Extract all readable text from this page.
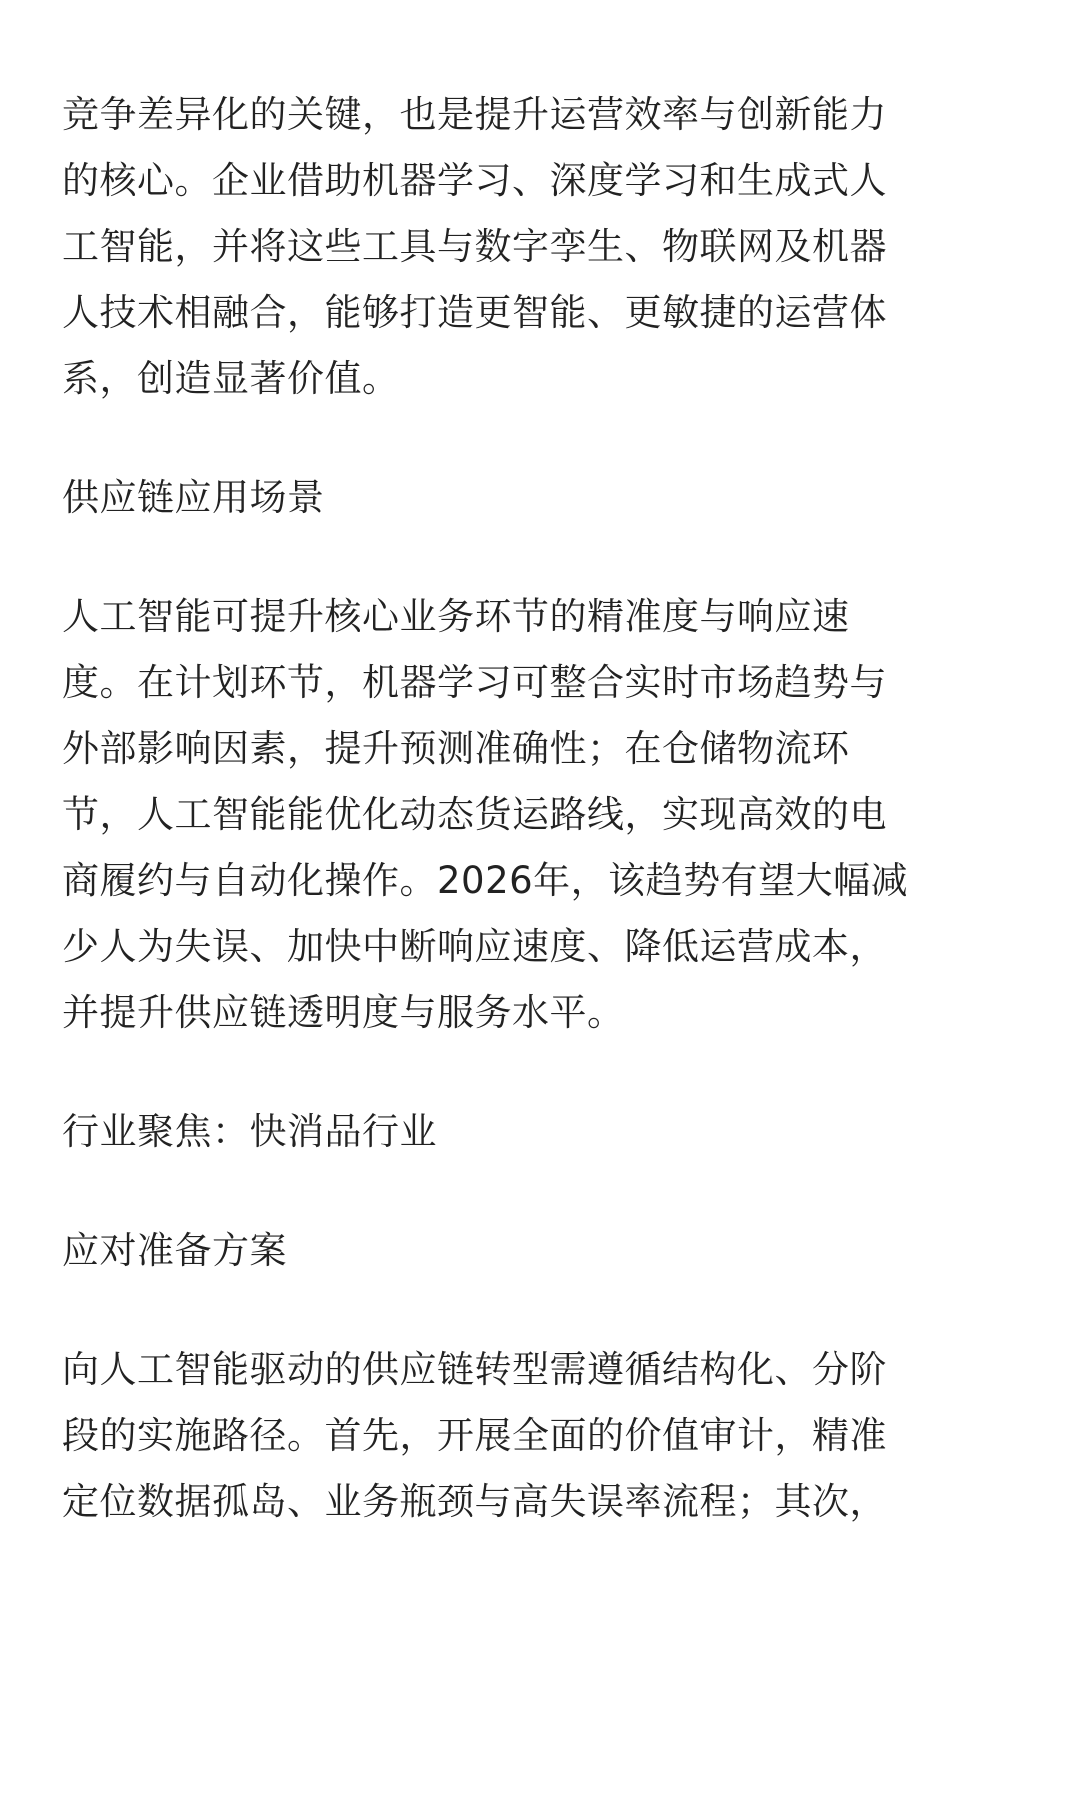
竞争差异化的关键，也是提升运营效率与创新能力
的核心。企业借助机器学习、深度学习和生成式人
工智能，并将这些工具与数字孪生、物联网及机器
人技术相融合，能够打造更智能、更敏捷的运营体
系，创造显著价值。

供应链应用场景

人工智能可提升核心业务环节的精准度与响应速
度。在计划环节，机器学习可整合实时市场趋势与
外部影响因素，提升预测准确性；在仓储物流环
节，人工智能能优化动态货运路线，实现高效的电
商履约与自动化操作。2026年，该趋势有望大幅减
少人为失误、加快中断响应速度、降低运营成本，
并提升供应链透明度与服务水平。

行业聚焦：快消品行业

应对准备方案

向人工智能驱动的供应链转型需遵循结构化、分阶
段的实施路径。首先，开展全面的价值审计，精准
定位数据孤岛、业务瓶颈与高失误率流程；其次，
